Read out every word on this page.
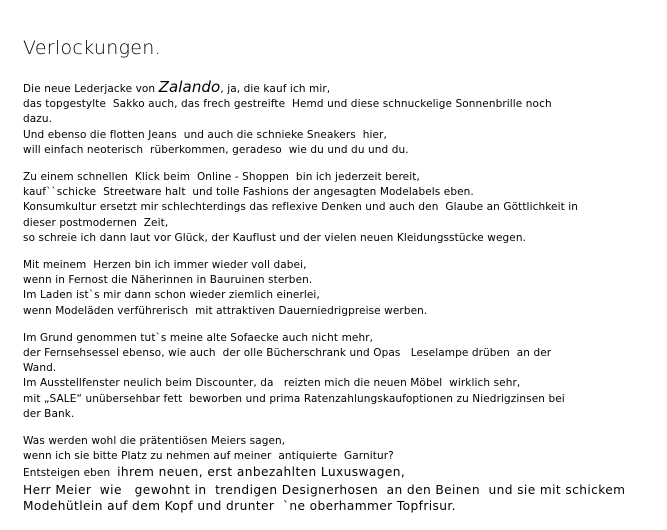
Verlockungen.
Die neue Lederjacke von Zalando, ja, die kauf ich mir,
das topgestylte  Sakko auch, das frech gestreifte  Hemd und diese schnuckelige Sonnenbrille noch
dazu.
Und ebenso die flotten Jeans  und auch die schnieke Sneakers  hier,
will einfach neoterisch  rüberkommen, geradeso  wie du und du und du.
Zu einem schnellen  Klick beim  Online - Shoppen  bin ich jederzeit bereit,
kauf``schicke  Streetware halt  und tolle Fashions der angesagten Modelabels eben.
Konsumkultur ersetzt mir schlechterdings das reflexive Denken und auch den  Glaube an Göttlichkeit in
dieser postmodernen  Zeit,
so schreie ich dann laut vor Glück, der Kauflust und der vielen neuen Kleidungsstücke wegen.
Mit meinem  Herzen bin ich immer wieder voll dabei,
wenn in Fernost die Näherinnen in Bauruinen sterben.
Im Laden ist`s mir dann schon wieder ziemlich einerlei,
wenn Modeläden verführerisch  mit attraktiven Dauerniedrigpreise werben.
Im Grund genommen tut`s meine alte Sofaecke auch nicht mehr,
der Fernsehsessel ebenso, wie auch  der olle Bücherschrank und Opas   Leselampe drüben  an der
Wand.
Im Ausstellfenster neulich beim Discounter, da   reizten mich die neuen Möbel  wirklich sehr,
mit „SALE“ unübersehbar fett  beworben und prima Ratenzahlungskaufoptionen zu Niedrigzinsen bei
der Bank.
Was werden wohl die prätentiösen Meiers sagen,
wenn ich sie bitte Platz zu nehmen auf meiner  antiquierte  Garnitur?
Entsteigen eben  ihrem neuen, erst anbezahlten Luxuswagen,
Herr Meier  wie   gewohnt in  trendigen Designerhosen  an den Beinen  und sie mit schickem
Modehütlein auf dem Kopf und drunter  `ne oberhammer Topfrisur.
